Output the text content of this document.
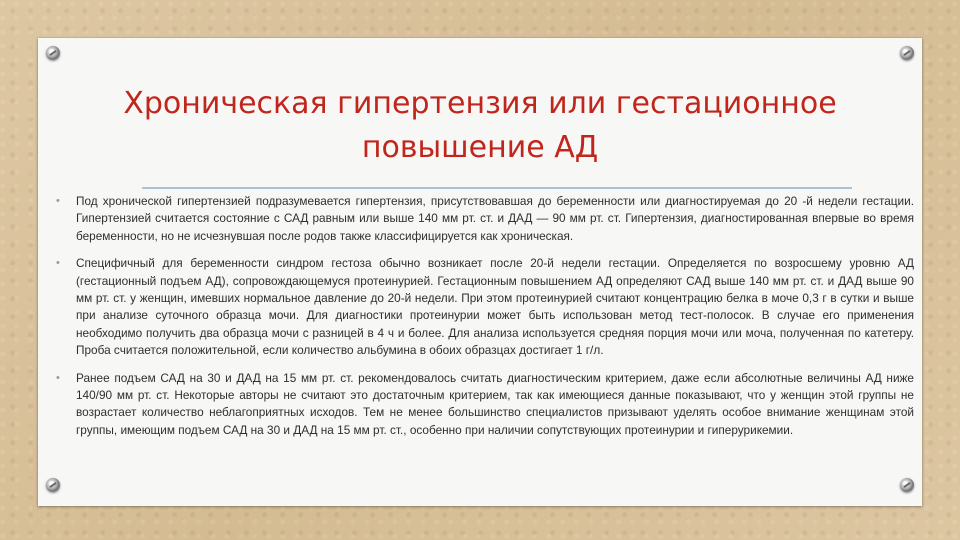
Хроническая гипертензия или гестационное
повышение АД
• Под хронической гипертензией подразумевается гипертензия, присутствовавшая до беременности или диагностируемая до 20 -й недели гестации. Гипертензией считается состояние с САД равным или выше 140 мм рт. ст. и ДАД — 90 мм рт. ст. Гипертензия, диагностированная впервые во время беременности, но не исчезнувшая после родов также классифицируется как хроническая.
• Специфичный для беременности синдром гестоза обычно возникает после 20-й недели гестации. Определяется по возросшему уровню АД (гестационный подъем АД), сопровождающемуся протеинурией. Гестационным повышением АД определяют САД выше 140 мм рт. ст. и ДАД выше 90 мм рт. ст. у женщин, имевших нормальное давление до 20-й недели. При этом протеинурией считают концентрацию белка в моче 0,3 г в сутки и выше при анализе суточного образца мочи. Для диагностики протеинурии может быть использован метод тест-полосок. В случае его применения необходимо получить два образца мочи с разницей в 4 ч и более. Для анализа используется средняя порция мочи или моча, полученная по катетеру. Проба считается положительной, если количество альбумина в обоих образцах достигает 1 г/л.
• Ранее подъем САД на 30 и ДАД на 15 мм рт. ст. рекомендовалось считать диагностическим критерием, даже если абсолютные величины АД ниже 140/90 мм рт. ст. Некоторые авторы не считают это достаточным критерием, так как имеющиеся данные показывают, что у женщин этой группы не возрастает количество неблагоприятных исходов. Тем не менее большинство специалистов призывают уделять особое внимание женщинам этой группы, имеющим подъем САД на 30 и ДАД на 15 мм рт. ст., особенно при наличии сопутствующих протеинурии и гиперурикемии.
